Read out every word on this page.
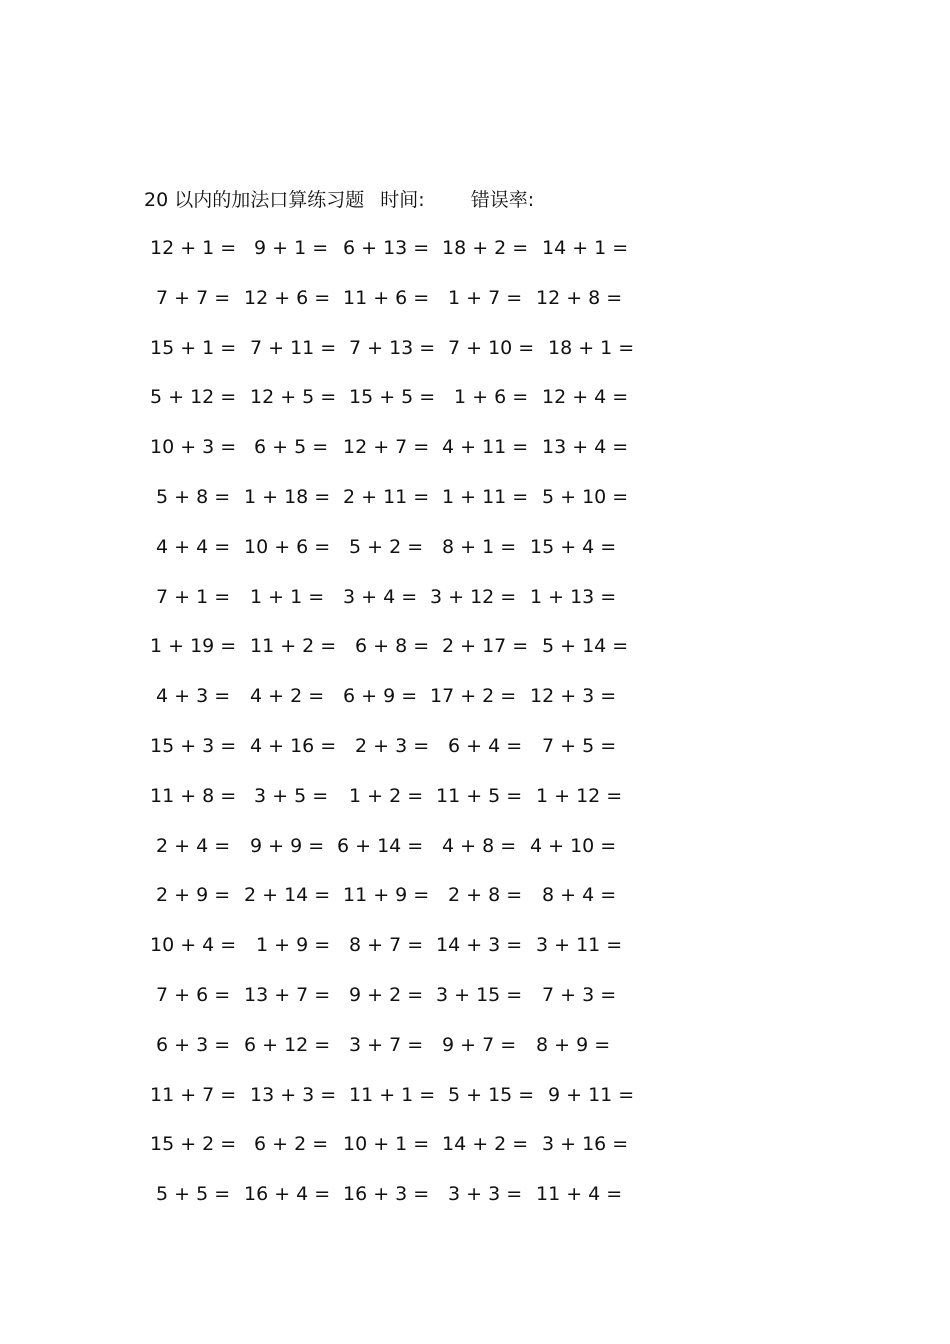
20 以内的加法口算练习题 时间: 错误率:
12 + 1 = 9 + 1 = 6 + 13 = 18 + 2 = 14 + 1 =
7 + 7 = 12 + 6 = 11 + 6 = 1 + 7 = 12 + 8 =
15 + 1 = 7 + 11 = 7 + 13 = 7 + 10 = 18 + 1 =
5 + 12 = 12 + 5 = 15 + 5 = 1 + 6 = 12 + 4 =
10 + 3 = 6 + 5 = 12 + 7 = 4 + 11 = 13 + 4 =
5 + 8 = 1 + 18 = 2 + 11 = 1 + 11 = 5 + 10 =
4 + 4 = 10 + 6 = 5 + 2 = 8 + 1 = 15 + 4 =
7 + 1 = 1 + 1 = 3 + 4 = 3 + 12 = 1 + 13 =
1 + 19 = 11 + 2 = 6 + 8 = 2 + 17 = 5 + 14 =
4 + 3 = 4 + 2 = 6 + 9 = 17 + 2 = 12 + 3 =
15 + 3 = 4 + 16 = 2 + 3 = 6 + 4 = 7 + 5 =
11 + 8 = 3 + 5 = 1 + 2 = 11 + 5 = 1 + 12 =
2 + 4 = 9 + 9 = 6 + 14 = 4 + 8 = 4 + 10 =
2 + 9 = 2 + 14 = 11 + 9 = 2 + 8 = 8 + 4 =
10 + 4 = 1 + 9 = 8 + 7 = 14 + 3 = 3 + 11 =
7 + 6 = 13 + 7 = 9 + 2 = 3 + 15 = 7 + 3 =
6 + 3 = 6 + 12 = 3 + 7 = 9 + 7 = 8 + 9 =
11 + 7 = 13 + 3 = 11 + 1 = 5 + 15 = 9 + 11 =
15 + 2 = 6 + 2 = 10 + 1 = 14 + 2 = 3 + 16 =
5 + 5 = 16 + 4 = 16 + 3 = 3 + 3 = 11 + 4 =
